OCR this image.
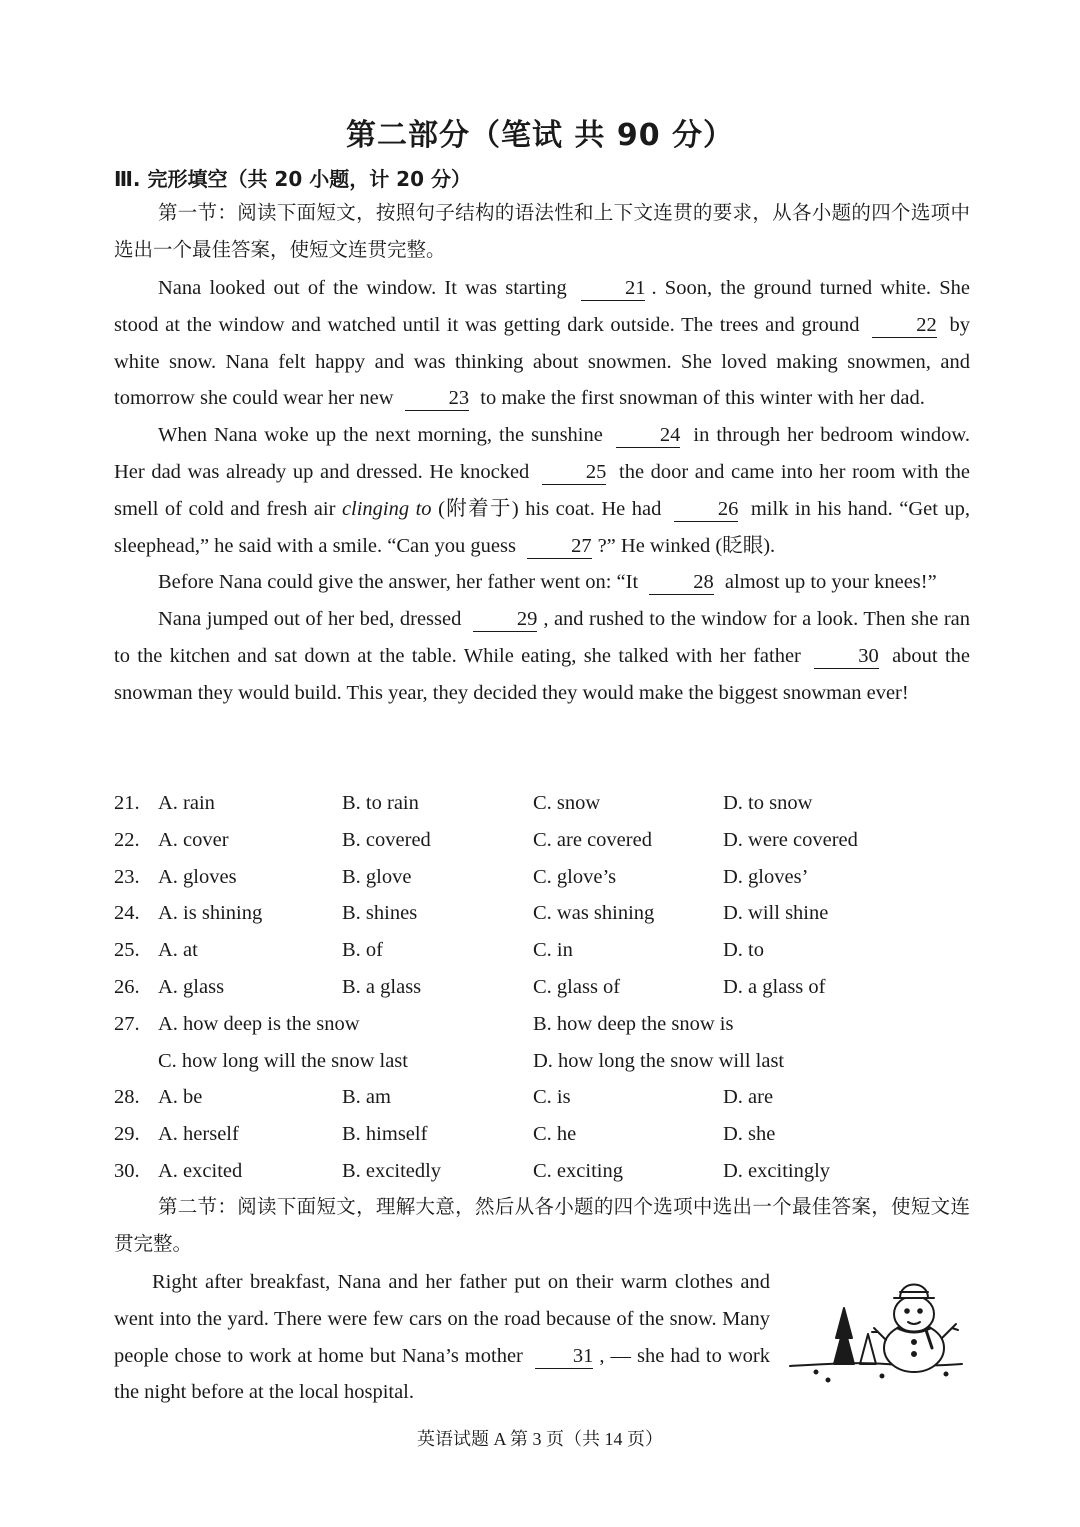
第二部分（笔试 共 90 分）
Ⅲ. 完形填空（共 20 小题，计 20 分）

第一节：阅读下面短文，按照句子结构的语法性和上下文连贯的要求，从各小题的四个选项中选出一个最佳答案，使短文连贯完整。

Nana looked out of the window. It was starting	21 . Soon, the ground turned white. She stood at the window and watched until it was getting dark outside. The trees and ground	22 by white snow. Nana felt happy and was thinking about snowmen. She loved making snowmen, and tomorrow she could wear her new	23 to make the first snowman of this winter with her dad.

When Nana woke up the next morning, the sunshine	24 in through her bedroom window. Her dad was already up and dressed. He knocked	25 the door and came into her room with the smell of cold and fresh air clinging to (附着于) his coat. He had	26 milk in his hand. “Get up, sleephead,” he said with a smile. “Can you guess	27 ?” He winked (眨眼).

Before Nana could give the answer, her father went on: “It	28 almost up to your knees!”

Nana jumped out of her bed, dressed	29 , and rushed to the window for a look. Then she ran to the kitchen and sat down at the table. While eating, she talked with her father	30 about the snowman they would build. This year, they decided they would make the biggest snowman ever!

21. A. rain	B. to rain	C. snow	D. to snow
22. A. cover	B. covered	C. are covered	D. were covered
23. A. gloves	B. glove	C. glove’s	D. gloves’
24. A. is shining	B. shines	C. was shining	D. will shine
25. A. at	B. of	C. in	D. to
26. A. glass	B. a glass	C. glass of	D. a glass of
27. A. how deep is the snow	B. how deep the snow is
C. how long will the snow last	D. how long the snow will last
28. A. be	B. am	C. is	D. are
29. A. herself	B. himself	C. he	D. she
30. A. excited	B. excitedly	C. exciting	D. excitingly

第二节：阅读下面短文，理解大意，然后从各小题的四个选项中选出一个最佳答案，使短文连贯完整。

Right after breakfast, Nana and her father put on their warm clothes and went into the yard. There were few cars on the road because of the snow. Many people chose to work at home but Nana’s mother 31 , — she had to work the night before at the local hospital.

英语试题 A 第 3 页（共 14 页）
